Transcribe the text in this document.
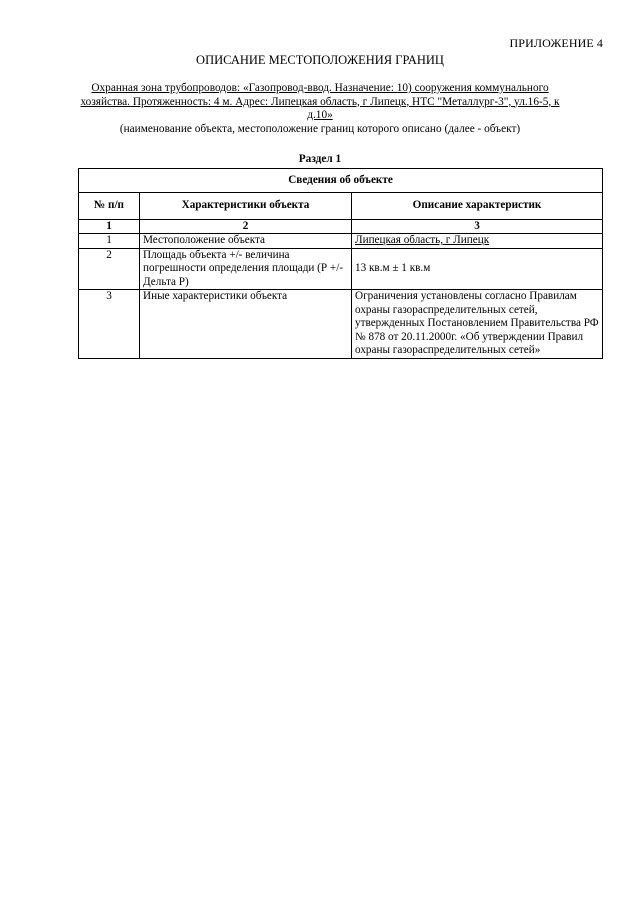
ПРИЛОЖЕНИЕ 4
ОПИСАНИЕ МЕСТОПОЛОЖЕНИЯ ГРАНИЦ
Охранная зона трубопроводов: «Газопровод-ввод. Назначение: 10) сооружения коммунального хозяйства. Протяженность: 4 м. Адрес: Липецкая область, г Липецк, НТС "Металлург-3", ул.16-5, к д.10»
(наименование объекта, местоположение границ которого описано (далее - объект)
Раздел 1
Сведения об объекте		
№ п/п	Характеристики объекта	Описание характеристик
1	2	3
1	Местоположение объекта	Липецкая область, г Липецк
2	Площадь объекта +/- величина погрешности определения площади (Р +/- Дельта Р)	13 кв.м ± 1 кв.м
3	Иные характеристики объекта	Ограничения установлены согласно Правилам охраны газораспределительных сетей, утвержденных Постановлением Правительства РФ № 878 от 20.11.2000г. «Об утверждении Правил охраны газораспределительных сетей»
